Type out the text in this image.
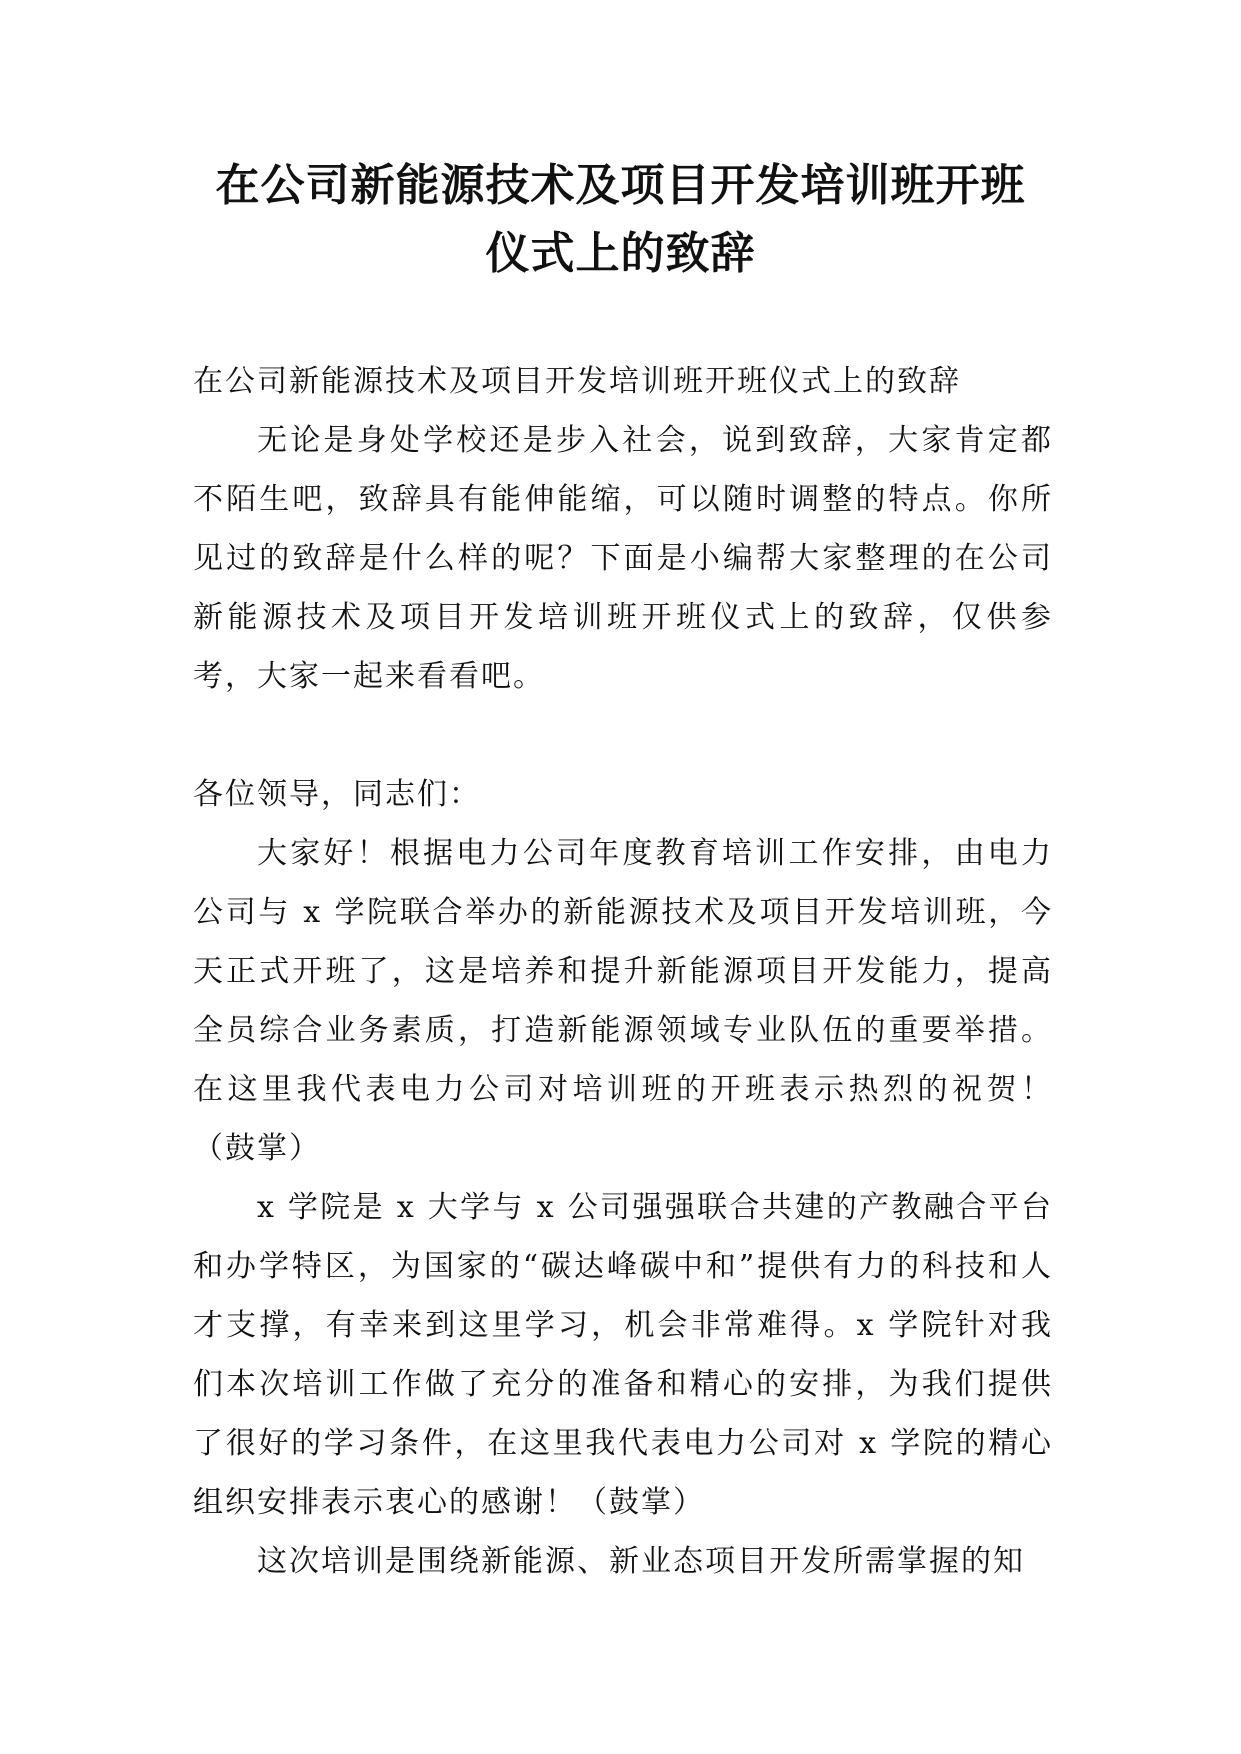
在公司新能源技术及项目开发培训班开班
仪式上的致辞

在公司新能源技术及项目开发培训班开班仪式上的致辞

无论是身处学校还是步入社会，说到致辞，大家肯定都不陌生吧，致辞具有能伸能缩，可以随时调整的特点。你所见过的致辞是什么样的呢？下面是小编帮大家整理的在公司新能源技术及项目开发培训班开班仪式上的致辞，仅供参考，大家一起来看看吧。

各位领导，同志们：

大家好！根据电力公司年度教育培训工作安排，由电力公司与 x 学院联合举办的新能源技术及项目开发培训班，今天正式开班了，这是培养和提升新能源项目开发能力，提高全员综合业务素质，打造新能源领域专业队伍的重要举措。在这里我代表电力公司对培训班的开班表示热烈的祝贺！（鼓掌）

x 学院是 x 大学与 x 公司强强联合共建的产教融合平台和办学特区，为国家的“碳达峰碳中和”提供有力的科技和人才支撑，有幸来到这里学习，机会非常难得。x 学院针对我们本次培训工作做了充分的准备和精心的安排，为我们提供了很好的学习条件，在这里我代表电力公司对 x 学院的精心组织安排表示衷心的感谢！（鼓掌）

这次培训是围绕新能源、新业态项目开发所需掌握的知
